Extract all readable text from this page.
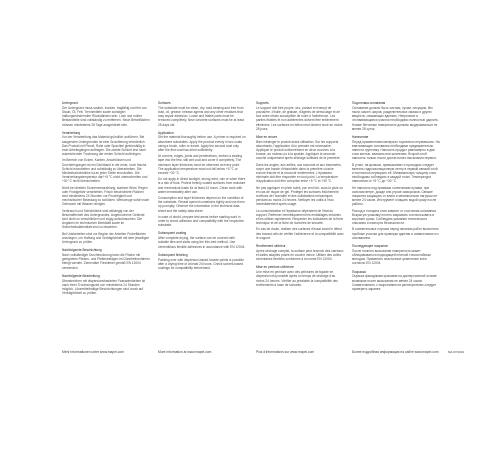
Untergrund
Der Untergrund muss sauber, trocken, tragfähig und frei von Staub, Öl, Fett, Trennmitteln sowie sonstigen haftungsmindernden Rückständen sein. Lose und mürbe Bestandteile sind vollständig zu entfernen. Neue Betonflächen müssen mindestens 28 Tage ausgehärtet sein.
Verarbeitung
Vor der Verarbeitung das Material gründlich aufrühren. Bei saugenden Untergründen ist eine Grundierung erforderlich. Das Produkt mit Pinsel, Rolle oder Spachtel gleichmäßig in zwei Arbeitsgängen auftragen. Die zweite Schicht erst nach ausreichender Trocknung der ersten Schicht aufbringen.
Im Bereich von Ecken, Kanten, Anschlüssen und Durchdringungen ist ein Dichtband in die erste, noch frische Schicht einzubetten und vollständig zu überarbeiten. Die Mindestschichtdicke ist an jeder Stelle einzuhalten. Die Verarbeitungstemperatur darf +5 °C nicht unterschreiten und +30 °C nicht überschreiten.
Nicht bei direkter Sonneneinstrahlung, starkem Wind, Regen oder Frostgefahr verarbeiten. Frisch beschichtete Flächen sind mindestens 24 Stunden vor Feuchtigkeit und mechanischer Belastung zu schützen. Werkzeuge sofort nach Gebrauch mit Wasser reinigen.
Verbrauch und Schichtdicke sind abhängig von der Beschaffenheit des Untergrundes. Angebrochene Gebinde sind dicht zu verschließen und zügig aufzubrauchen. Die Angaben im technischen Merkblatt sowie im Sicherheitsdatenblatt sind zu beachten.
Bei Unklarheiten sind vor Beginn der Arbeiten Probeflächen anzulegen, um Haftung und Verträglichkeit mit dem jeweiligen Untergrund zu prüfen.
Nachfolgende Beschichtung
Nach vollständiger Durchtrocknung kann die Fläche mit geeigneten Fliesen- und Plattenbelägen im Dünnbettverfahren belegt werden. Zementäre Flexkleber gemäß EN 12004 verwenden.
Nachfolgende Bearbeitung
Überstreichen mit dispersionsbasierten Fassadenfarben ist nach einer Trocknungszeit von mindestens 24 Stunden möglich. Lösemittelhaltige Beschichtungen sind vorab auf Verträglichkeit zu prüfen.
Surfaces
The substrate must be clean, dry, load-bearing and free from dust, oil, grease, release agents and any other residues that may impair adhesion. Loose and friable parts must be removed completely. New concrete surfaces must be at least 28 days old.
Application
Stir the material thoroughly before use. A primer is required on absorbent substrates. Apply the product evenly in two coats using a brush, roller or trowel. Apply the second coat only after the first coat has dried sufficiently.
At corners, edges, joints and penetrations, embed a sealing tape into the first, still wet coat and cover it completely. The minimum layer thickness must be observed at every point. The application temperature must not fall below +5 °C or exceed +30 °C.
Do not apply in direct sunlight, strong wind, rain or when there is a risk of frost. Protect freshly coated surfaces from moisture and mechanical loads for at least 24 hours. Clean tools with water immediately after use.
Consumption and layer thickness depend on the condition of the substrate. Reseal opened containers tightly and use them up promptly. Observe the information in the technical data sheet and the safety data sheet.
In case of doubt, prepare test areas before starting work in order to check adhesion and compatibility with the respective substrate.
Subsequent coating
After complete drying, the surface can be covered with suitable tiles and slabs using the thin-bed method. Use cementitious flexible adhesives in accordance with EN 12004.
Subsequent finishing
Painting over with dispersion-based facade paints is possible after a drying time of at least 24 hours. Check solvent-based coatings for compatibility beforehand.
Supports
Le support doit être propre, sec, portant et exempt de poussière, d'huile, de graisse, d'agents de démoulage et de tout autre résidu susceptible de nuire à l'adhérence. Les parties friables et non adhérentes doivent être entièrement éliminées. Les surfaces en béton neuf doivent avoir au moins 28 jours.
Mise en œuvre
Bien mélanger le produit avant utilisation. Sur les supports absorbants, l'application d'un primaire est nécessaire. Appliquer le produit uniformément en deux couches à la brosse, au rouleau ou à la spatule. Appliquer la seconde couche uniquement après séchage suffisant de la première.
Dans les angles, aux arêtes, aux raccords et aux traversées, noyer une bande d'étanchéité dans la première couche encore fraîche et la recouvrir entièrement. L'épaisseur minimale doit être respectée en tout point. La température d'application doit être comprise entre +5 °C et +30 °C.
Ne pas appliquer en plein soleil, par vent fort, sous la pluie ou en cas de risque de gel. Protéger les surfaces fraîchement revêtues de l'humidité et des sollicitations mécaniques pendant au moins 24 heures. Nettoyer les outils à l'eau immédiatement après usage.
La consommation et l'épaisseur dépendent de l'état du support. Refermer hermétiquement les emballages entamés et les utiliser rapidement. Respecter les indications de la fiche technique et de la fiche de données de sécurité.
En cas de doute, réaliser des surfaces d'essai avant le début des travaux afin de vérifier l'adhérence et la compatibilité avec le support.
Revêtement ultérieur
Après séchage complet, la surface peut recevoir des carreaux et dalles adaptés posés en couche mince. Utiliser des colles cimentaires flexibles conformes à la norme EN 12004.
Mise en peinture ultérieure
Une mise en peinture avec des peintures de façade en dispersion est possible après un temps de séchage d'au moins 24 heures. Vérifier au préalable la compatibilité des revêtements à base de solvants.
Подготовка основания
Основание должно быть чистым, сухим, несущим, без пыли, масел, жиров, разделительных смазок и других веществ, снижающих адгезию. Непрочные и отслаивающиеся участки необходимо полностью удалить. Новые бетонные поверхности должны выдерживаться не менее 28 суток.
Нанесение
Перед применением материал тщательно перемешать. На впитывающие основания необходимо предварительно нанести грунтовку. Наносить продукт равномерно в два слоя кистью, валиком или шпателем. Второй слой наносить только после достаточного высыхания первого.
В углах, на кромках, примыканиях и проходках следует вклеить гидроизоляционную ленту в первый свежий слой и полностью перекрыть её. Минимальную толщину слоя необходимо соблюдать в каждой точке. Температура нанесения от +5 °C до +30 °C.
Не наносить под прямыми солнечными лучами, при сильном ветре, дожде или угрозе заморозков. Свежие покрытия защищать от влаги и механических нагрузок не менее 24 часов. Инструмент очищать водой сразу после работы.
Расход и толщина слоя зависят от состояния основания. Вскрытую упаковку плотно закрывать и использовать в короткие сроки. Соблюдать указания технического описания и паспорта безопасности.
В сомнительных случаях перед началом работ выполнить пробные участки для проверки адгезии и совместимости с основанием.
Последующее покрытие
После полного высыхания поверхность может облицовываться подходящей плиткой тонкослойным методом. Применять эластичные цементные клеи согласно EN 12004.
Покраска
Окраска фасадными красками на дисперсионной основе возможна после высыхания не менее 24 часов. Совместимость с покрытиями на растворителях следует проверить заранее.
Mehr Informationen unter www.mapei.com	More information at www.mapei.com	Plus d'informations sur www.mapei.com	Более подробная информация на сайте www.mapei.com	MA 07/2019
